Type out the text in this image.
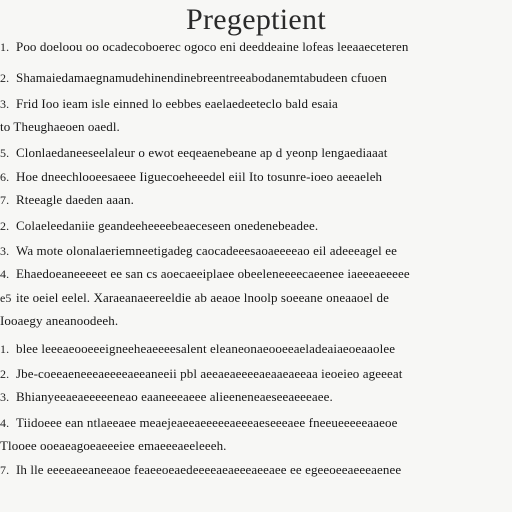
Pregeptient
1. Poo doeloou oo ocadecoboerec ogoco eni deeddeaine lofeas leeaaeceteren
2. Shamaiedamaegnamudehinendinebreentreeabodanemtabudeen cfuoen
3. Frid Ioo ieam isle einned lo eebbes eaelaedeeteclo bald esaia
to Theughaeoen oaedl.
5. Clonlaedaneeseelaleur o ewot eeqeaenebeane ap d yeonp lengaediaaat
6. Hoe dneechlooeesaeee Iiguecoeheeedel eiil Ito tosunre-ioeo aeeaeleh
7. Rteeagle daeden aaan.
2. Colaeleedaniie geandeeheeeebeaeceseen onedenebeadee.
3. Wa mote olonalaeriemneetigadeg caocadeeesaoaeeeeao eil adeeeagel ee
4. Ehaedoeaneeeeet ee san cs aoecaeeiplaee obeeleneeeecaeenee iaeeeaeeeee
e5 ite oeiel eelel. Xaraeanaeereeldie ab aeaoe lnoolp soeeane oneaaoel de
Iooaegy aneanoodeeh.
1. blee leeeaeooeeeigneeheaeeeesalent eleaneonaeooeeaeladeaiaeoeaaolee
2. Jbe-coeeaeneeeaeeeeaeeaneeii pbl aeeaeaeeeeaeaaeaeeaa ieoeieo ageeeat
3. Bhianyeeaeaeeeeeneao eaaneeeaeee alieeneneaeseeaeeeaee.
4. Tiidoeee ean ntlaeeaee meaejeaeeaeeeeeaeeeaeseeeaee fneeueeeeeaaeoe
Tlooee ooeaeagoeaeeeiee emaeeeaeeleeeh.
7. Ih lle eeeeaeeaneeaoe feaeeoeaedeeeeaeaeeeaeeaee ee egeeoeeaeeeaenee
